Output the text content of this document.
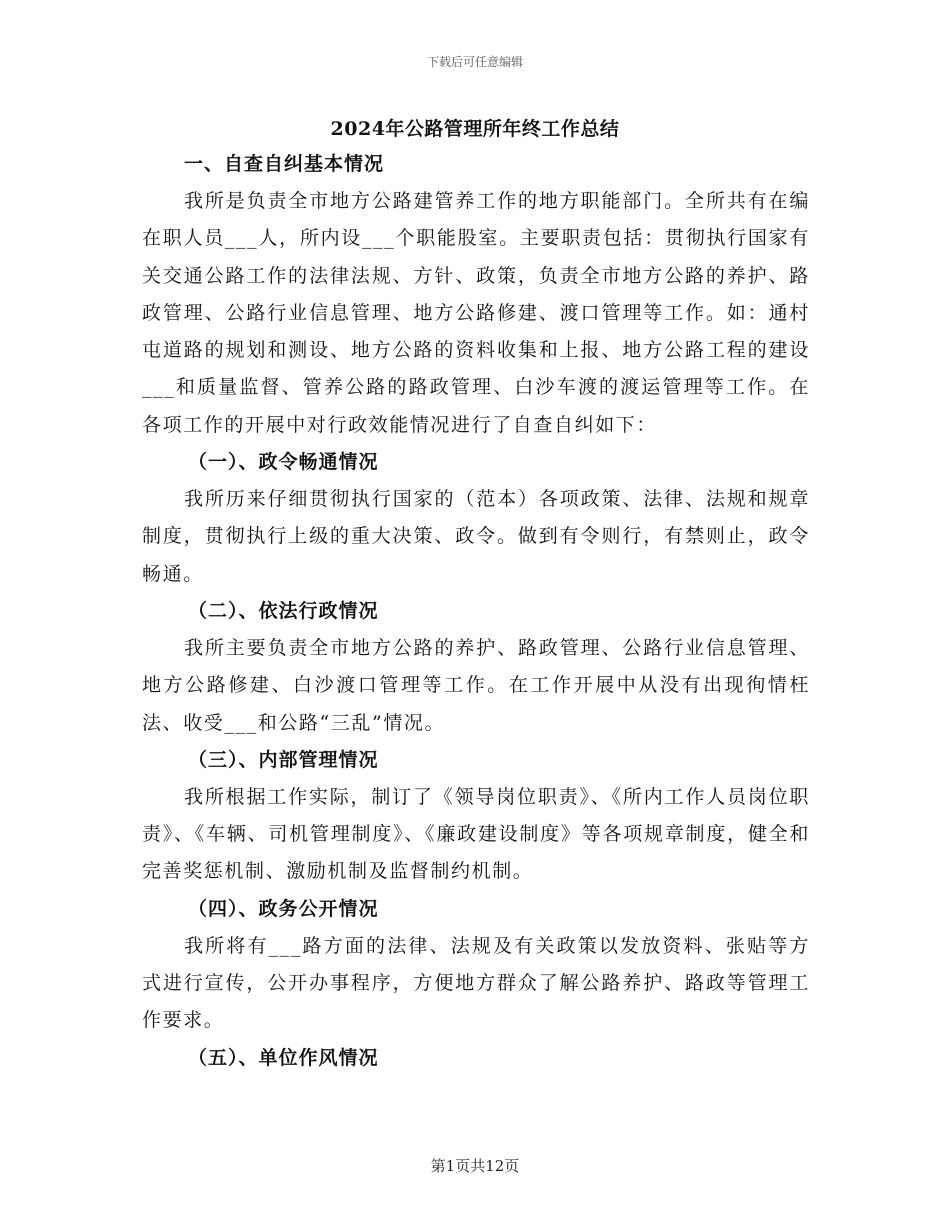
下载后可任意编辑
2024年公路管理所年终工作总结
一、自查自纠基本情况

我所是负责全市地方公路建管养工作的地方职能部门。全所共有在编在职人员___人，所内设___个职能股室。主要职责包括：贯彻执行国家有关交通公路工作的法律法规、方针、政策，负责全市地方公路的养护、路政管理、公路行业信息管理、地方公路修建、渡口管理等工作。如：通村屯道路的规划和测设、地方公路的资料收集和上报、地方公路工程的建设___和质量监督、管养公路的路政管理、白沙车渡的渡运管理等工作。在各项工作的开展中对行政效能情况进行了自查自纠如下：

（一）、政令畅通情况

我所历来仔细贯彻执行国家的（范本）各项政策、法律、法规和规章制度，贯彻执行上级的重大决策、政令。做到有令则行，有禁则止，政令畅通。

（二）、依法行政情况

我所主要负责全市地方公路的养护、路政管理、公路行业信息管理、地方公路修建、白沙渡口管理等工作。在工作开展中从没有出现徇情枉法、收受___和公路“三乱”情况。

（三）、内部管理情况

我所根据工作实际，制订了《领导岗位职责》、《所内工作人员岗位职责》、《车辆、司机管理制度》、《廉政建设制度》等各项规章制度，健全和完善奖惩机制、激励机制及监督制约机制。

（四）、政务公开情况

我所将有___路方面的法律、法规及有关政策以发放资料、张贴等方式进行宣传，公开办事程序，方便地方群众了解公路养护、路政等管理工作要求。

（五）、单位作风情况
第1页共12页
